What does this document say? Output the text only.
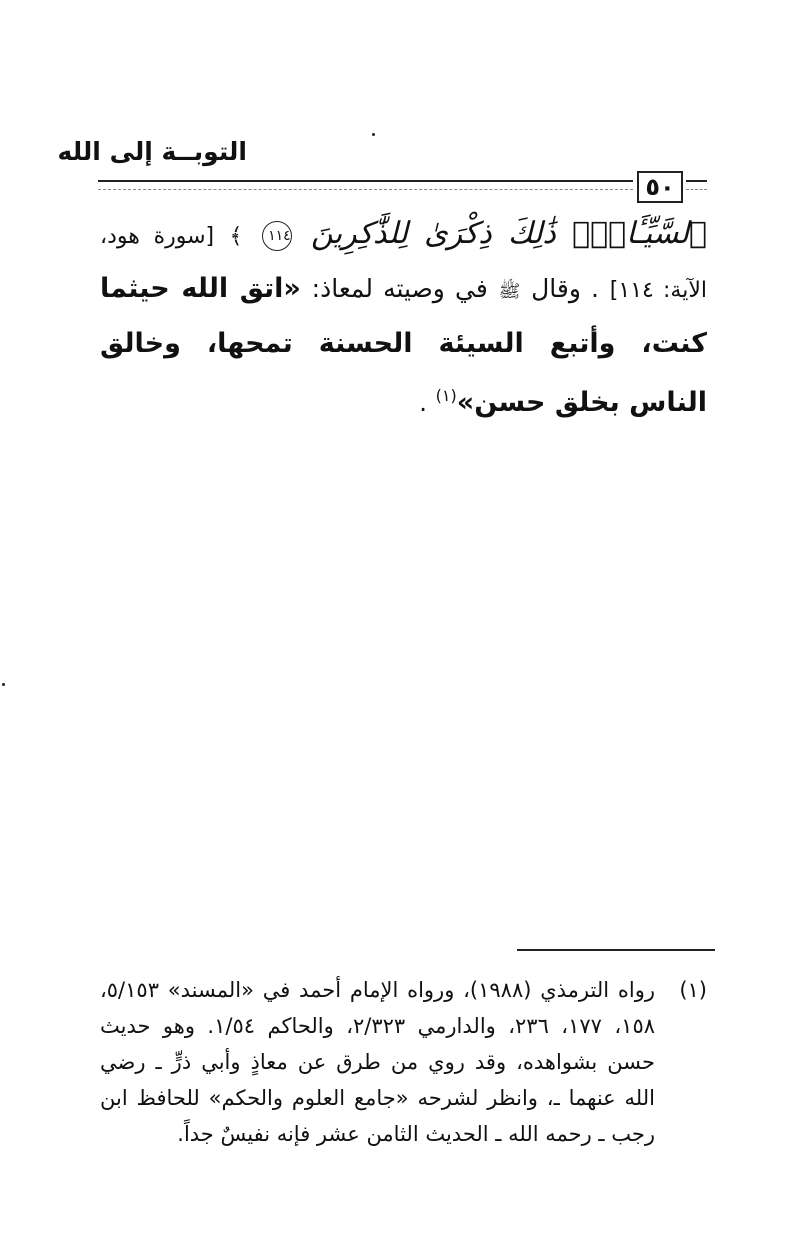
التوبــة إلى الله
٥٠
ٱلسَّيِّـَٔاتِۚ ذَٰلِكَ ذِكْرَىٰ لِلذَّٰكِرِينَ ١١٤ ﴾ [سورة هود، الآية: ١١٤] . وقال ﷺ في وصيته لمعاذ: «اتق الله حيثما كنت، وأتبع السيئة الحسنة تمحها، وخالق الناس بخلق حسن»$^{(١)}$ .
(١)
رواه الترمذي (١٩٨٨)، ورواه الإمام أحمد في «المسند» ٥/١٥٣، ١٥٨، ١٧٧، ٢٣٦، والدارمي ٢/٣٢٣، والحاكم ١/٥٤. وهو حديث حسن بشواهده، وقد روي من طرق عن معاذٍ وأبي ذرٍّ ـ رضي الله عنهما ـ، وانظر لشرحه «جامع العلوم والحكم» للحافظ ابن رجب ـ رحمه الله ـ الحديث الثامن عشر فإنه نفيسٌ جداً.
